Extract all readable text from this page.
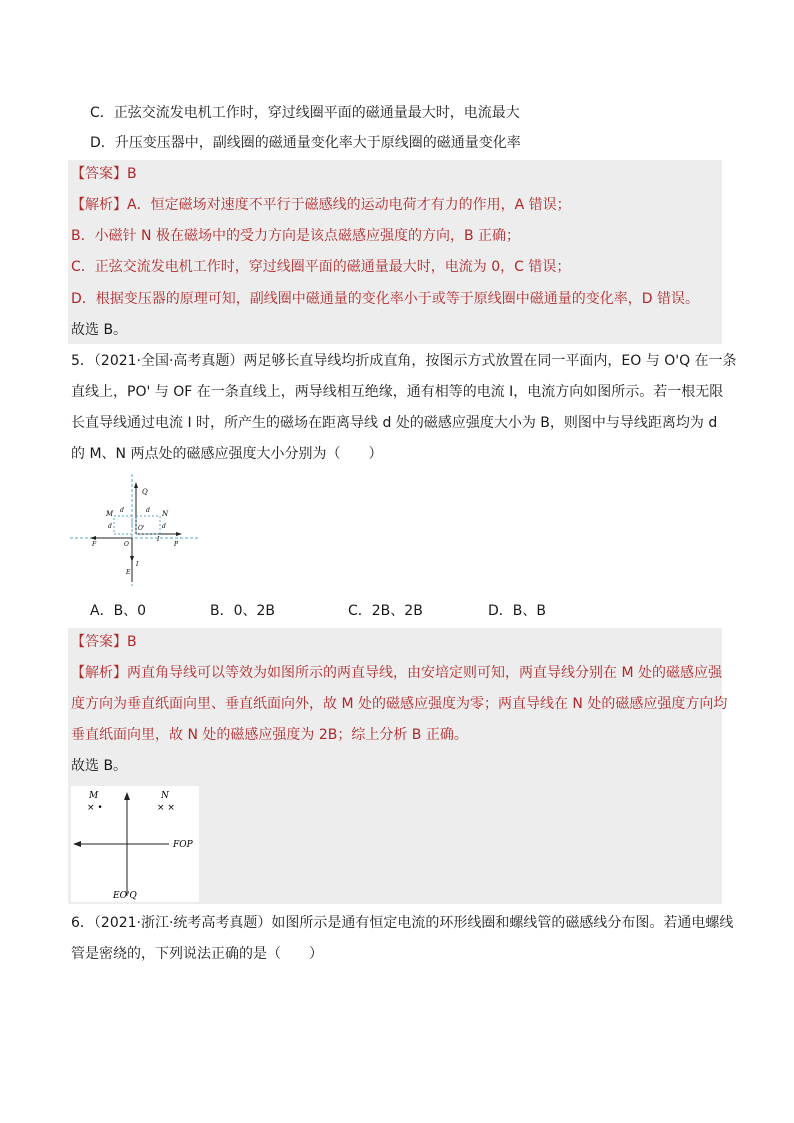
C．正弦交流发电机工作时，穿过线圈平面的磁通量最大时，电流最大
D．升压变压器中，副线圈的磁通量变化率大于原线圈的磁通量变化率
【答案】B
【解析】A．恒定磁场对速度不平行于磁感线的运动电荷才有力的作用，A 错误；
B．小磁针 N 极在磁场中的受力方向是该点磁感应强度的方向，B 正确；
C．正弦交流发电机工作时，穿过线圈平面的磁通量最大时，电流为 0，C 错误；
D．根据变压器的原理可知，副线圈中磁通量的变化率小于或等于原线圈中磁通量的变化率，D 错误。
故选 B。
5．（2021·全国·高考真题）两足够长直导线均折成直角，按图示方式放置在同一平面内，EO 与 O'Q 在一条
直线上，PO' 与 OF 在一条直线上，两导线相互绝缘，通有相等的电流 I，电流方向如图所示。若一根无限
长直导线通过电流 I 时，所产生的磁场在距离导线 d 处的磁感应强度大小为 B，则图中与导线距离均为 d
的 M、N 两点处的磁感应强度大小分别为（　　）
Q
M	N
d	d
d	d
O'
O
F	P
I
I
E
A．B、0	B．0、2B	C．2B、2B	D．B、B
【答案】B
【解析】两直角导线可以等效为如图所示的两直导线，由安培定则可知，两直导线分别在 M 处的磁感应强
度方向为垂直纸面向里、垂直纸面向外，故 M 处的磁感应强度为零；两直导线在 N 处的磁感应强度方向均
垂直纸面向里，故 N 处的磁感应强度为 2B；综上分析 B 正确。
故选 B。
M
× •
N
× ×
FOP
EO'Q
6．（2021·浙江·统考高考真题）如图所示是通有恒定电流的环形线圈和螺线管的磁感线分布图。若通电螺线
管是密绕的，下列说法正确的是（　　）
